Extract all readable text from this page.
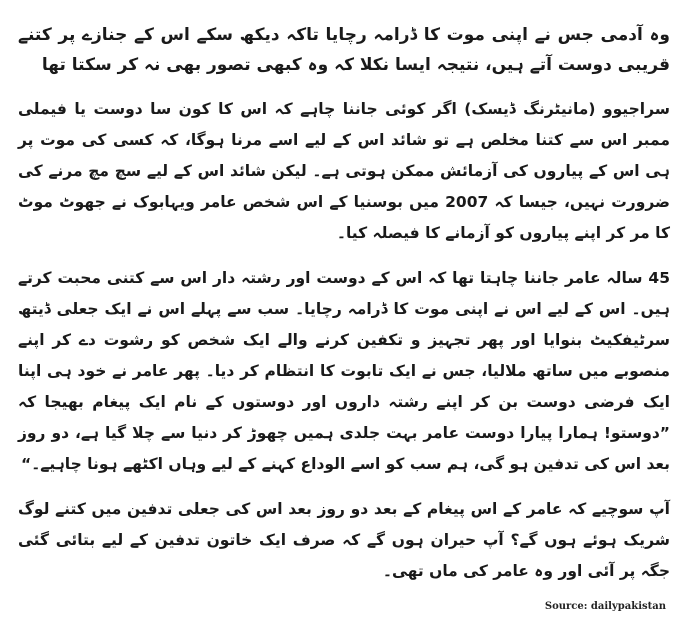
وہ آدمی جس نے اپنی موت کا ڈرامہ رچایا تاکہ دیکھ سکے اس کے جنازے پر کتنے قریبی دوست آتے ہیں، نتیجہ ایسا نکلا کہ وہ کبھی تصور بھی نہ کر سکتا تھا

سراجیوو (مانیٹرنگ ڈیسک) اگر کوئی جاننا چاہے کہ اس کا کون سا دوست یا فیملی ممبر اس سے کتنا مخلص ہے تو شائد اس کے لیے اسے مرنا ہوگا، کہ کسی کی موت پر ہی اس کے پیاروں کی آزمائش ممکن ہوتی ہے۔ لیکن شائد اس کے لیے سچ مچ مرنے کی ضرورت نہیں، جیسا کہ 2007 میں بوسنیا کے اس شخص عامر ویہابوک نے جھوٹ موٹ کا مر کر اپنے پیاروں کو آزمانے کا فیصلہ کیا۔

45 سالہ عامر جاننا چاہتا تھا کہ اس کے دوست اور رشتہ دار اس سے کتنی محبت کرتے ہیں۔ اس کے لیے اس نے اپنی موت کا ڈرامہ رچایا۔ سب سے پہلے اس نے ایک جعلی ڈیتھ سرٹیفکیٹ بنوایا اور پھر تجہیز و تکفین کرنے والے ایک شخص کو رشوت دے کر اپنے منصوبے میں ساتھ ملالیا، جس نے ایک تابوت کا انتظام کر دیا۔ پھر عامر نے خود ہی اپنا ایک فرضی دوست بن کر اپنے رشتہ داروں اور دوستوں کے نام ایک پیغام بھیجا کہ ”دوستو! ہمارا پیارا دوست عامر بہت جلدی ہمیں چھوڑ کر دنیا سے چلا گیا ہے، دو روز بعد اس کی تدفین ہو گی، ہم سب کو اسے الوداع کہنے کے لیے وہاں اکٹھے ہونا چاہیے۔“

آپ سوچیے کہ عامر کے اس پیغام کے بعد دو روز بعد اس کی جعلی تدفین میں کتنے لوگ شریک ہوئے ہوں گے؟ آپ حیران ہوں گے کہ صرف ایک خاتون تدفین کے لیے بتائی گئی جگہ پر آئی اور وہ عامر کی ماں تھی۔

Source: dailypakistan
